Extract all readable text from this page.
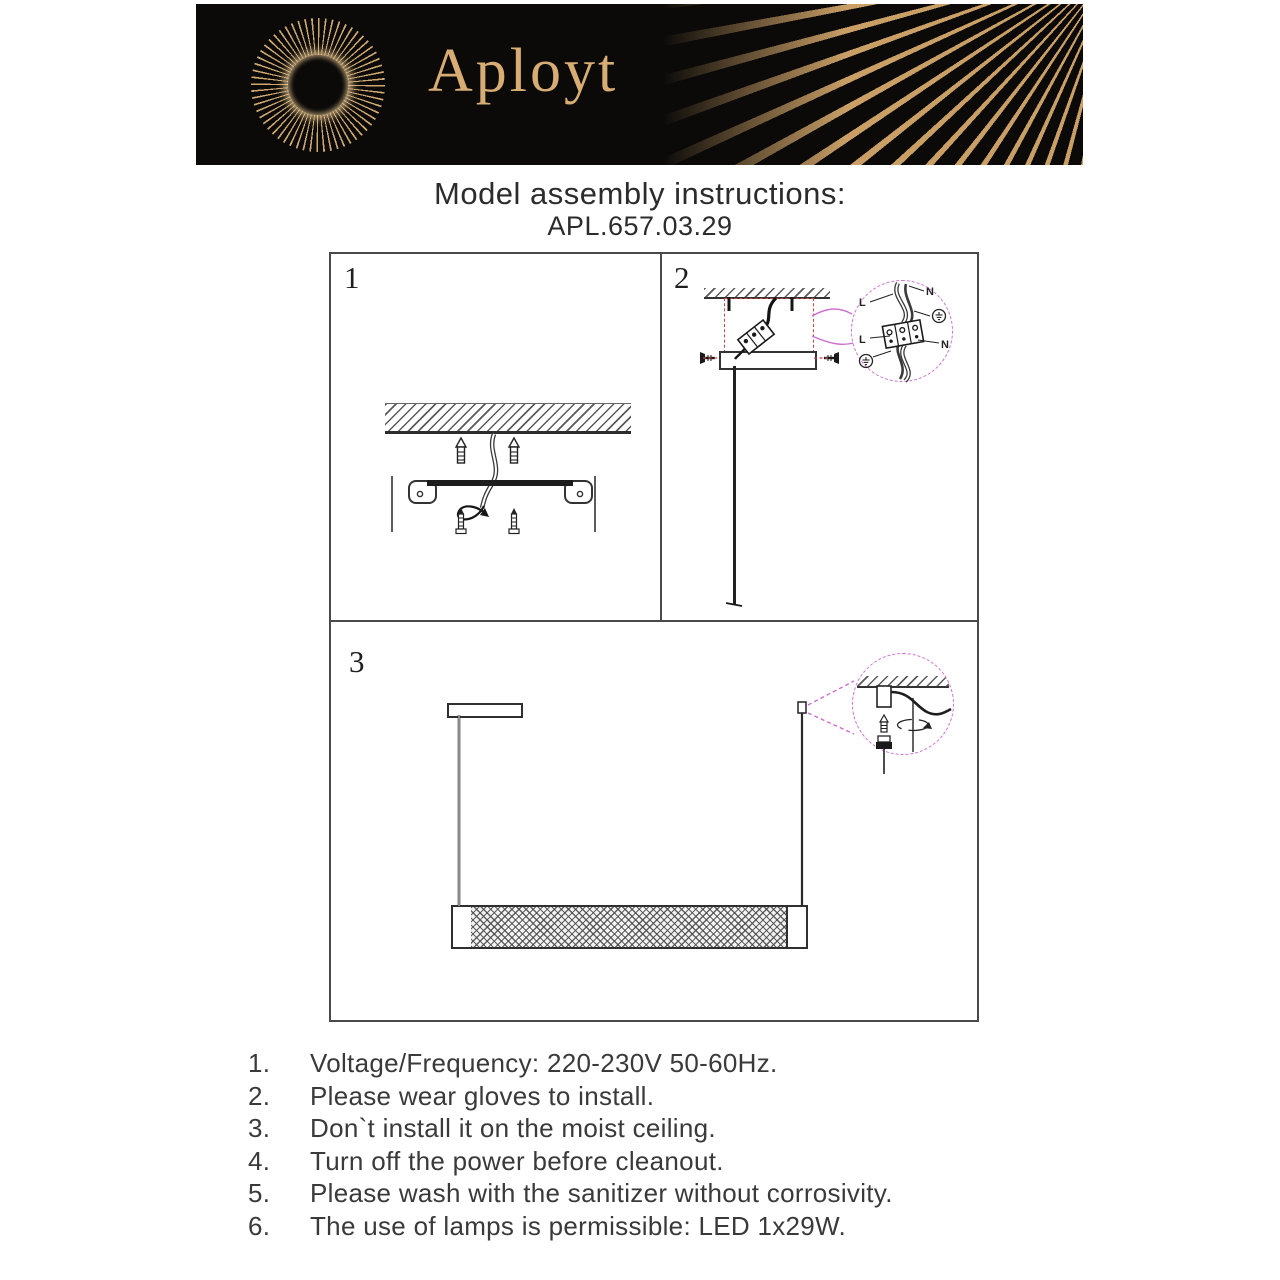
Aployt
Model assembly instructions:
APL.657.03.29
1	2
L
N
L	N
3
1. Voltage/Frequency: 220-230V 50-60Hz.
2. Please wear gloves to install.
3. Don`t install it on the moist ceiling.
4. Turn off the power before cleanout.
5. Please wash with the sanitizer without corrosivity.
6. The use of lamps is permissible: LED 1x29W.
